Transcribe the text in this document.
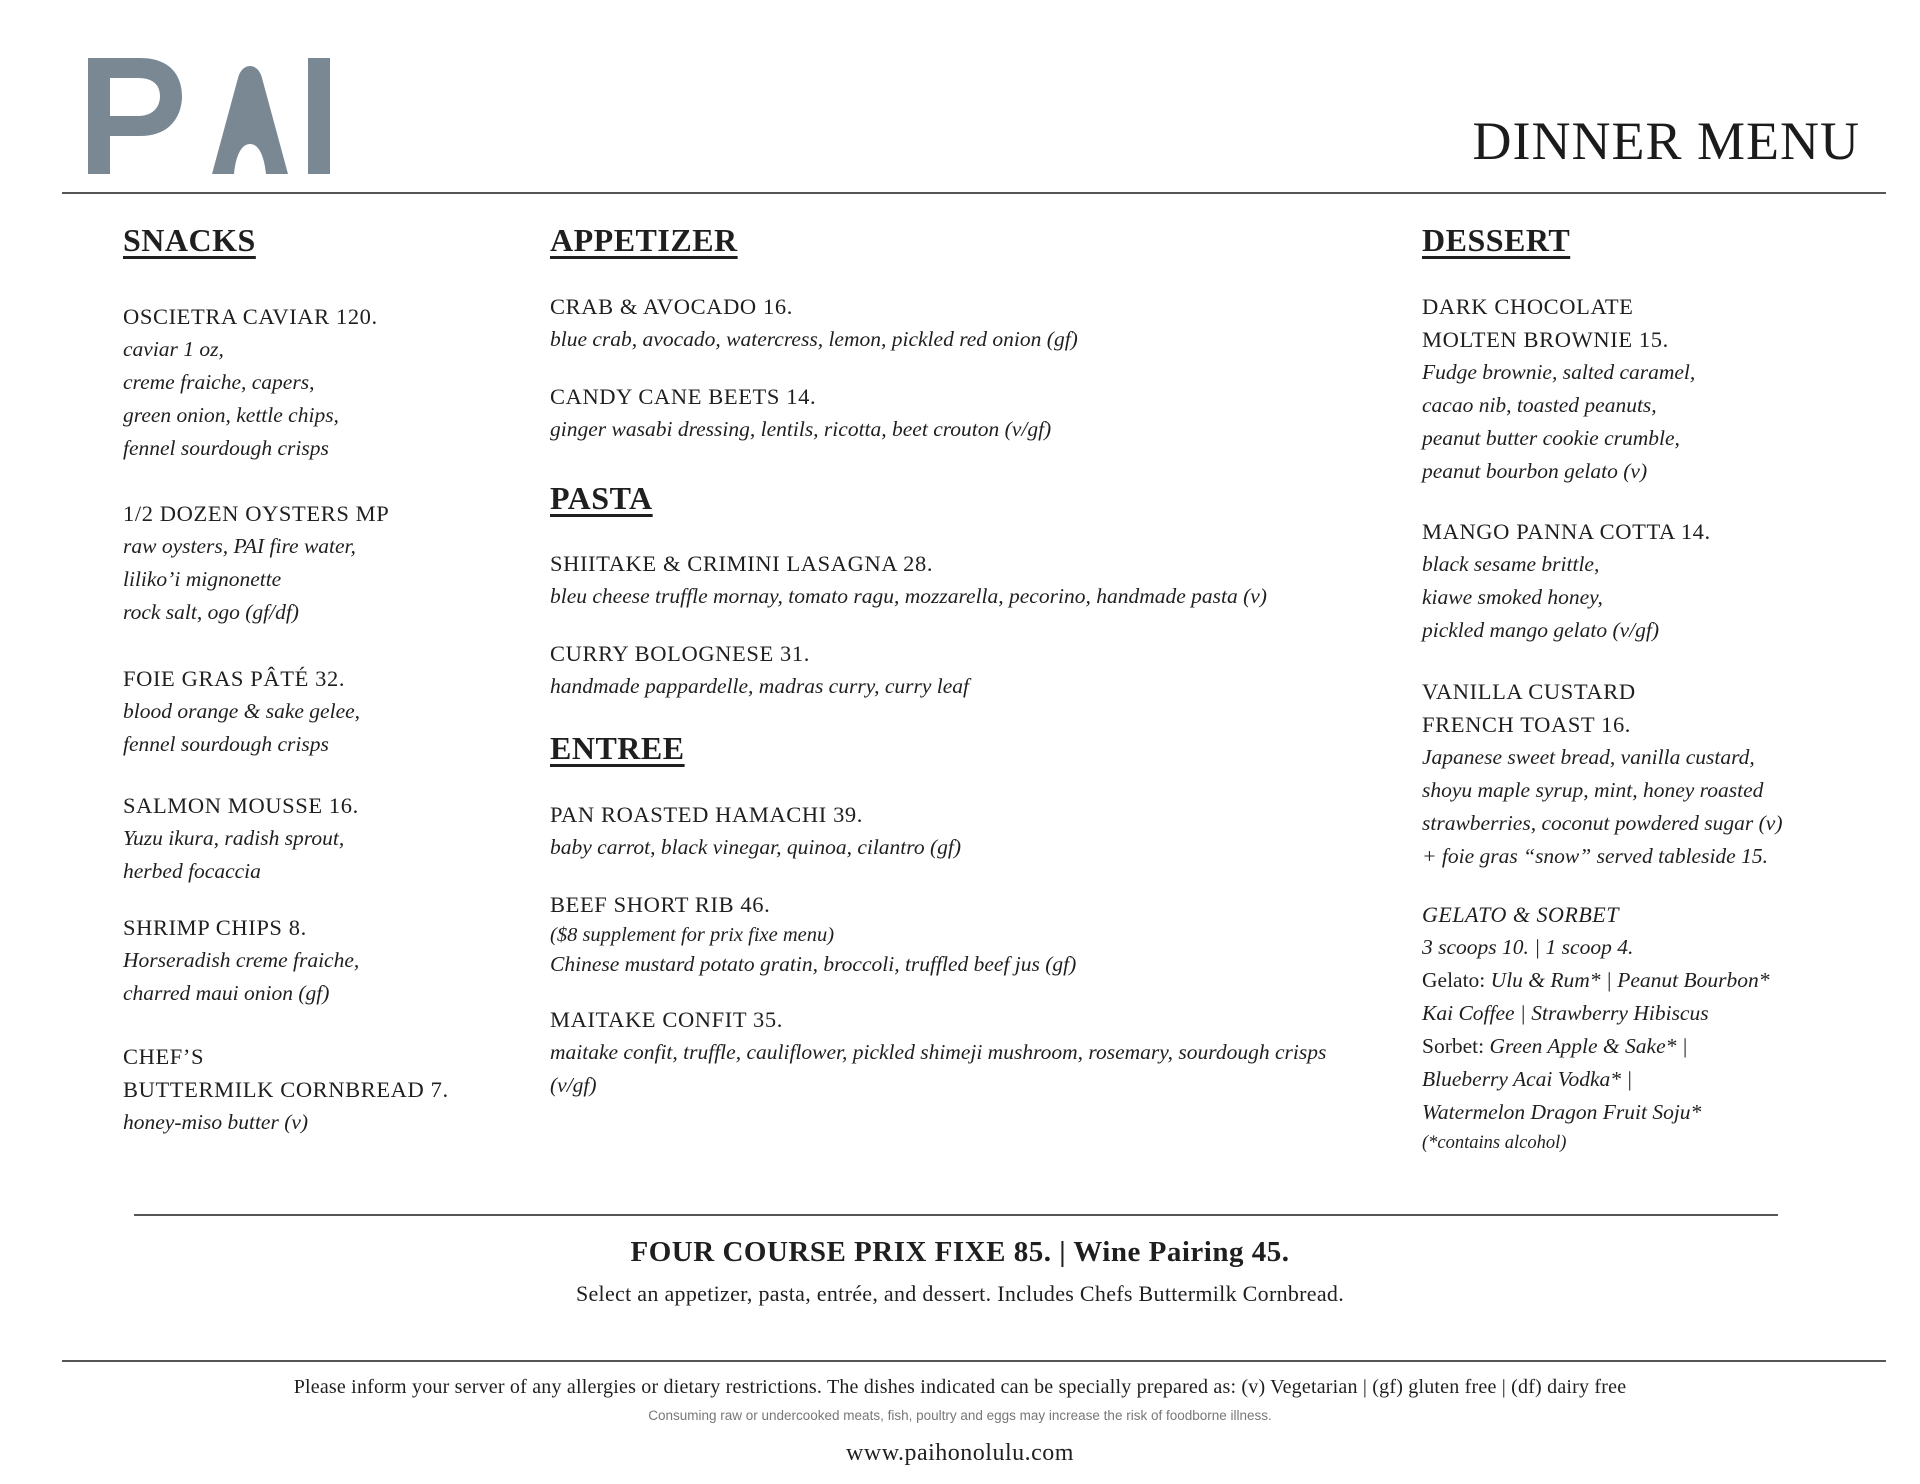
DINNER MENU
SNACKS
OSCIETRA CAVIAR 120.
caviar 1 oz,
creme fraiche, capers,
green onion, kettle chips,
fennel sourdough crisps
1/2 DOZEN OYSTERS MP
raw oysters, PAI fire water,
liliko’i mignonette
rock salt, ogo (gf/df)
FOIE GRAS PÂTÉ 32.
blood orange & sake gelee,
fennel sourdough crisps
SALMON MOUSSE 16.
Yuzu ikura, radish sprout,
herbed focaccia
SHRIMP CHIPS 8.
Horseradish creme fraiche,
charred maui onion (gf)
CHEF’S
BUTTERMILK CORNBREAD 7.
honey-miso butter (v)
APPETIZER
CRAB & AVOCADO 16.
blue crab, avocado, watercress, lemon, pickled red onion (gf)
CANDY CANE BEETS 14.
ginger wasabi dressing, lentils, ricotta, beet crouton (v/gf)
PASTA
SHIITAKE & CRIMINI LASAGNA 28.
bleu cheese truffle mornay, tomato ragu, mozzarella, pecorino, handmade pasta (v)
CURRY BOLOGNESE 31.
handmade pappardelle, madras curry, curry leaf
ENTREE
PAN ROASTED HAMACHI 39.
baby carrot, black vinegar, quinoa, cilantro (gf)
BEEF SHORT RIB 46.
($8 supplement for prix fixe menu)
Chinese mustard potato gratin, broccoli, truffled beef jus (gf)
MAITAKE CONFIT 35.
maitake confit, truffle, cauliflower, pickled shimeji mushroom, rosemary, sourdough crisps
(v/gf)
DESSERT
DARK CHOCOLATE
MOLTEN BROWNIE 15.
Fudge brownie, salted caramel,
cacao nib, toasted peanuts,
peanut butter cookie crumble,
peanut bourbon gelato (v)
MANGO PANNA COTTA 14.
black sesame brittle,
kiawe smoked honey,
pickled mango gelato (v/gf)
VANILLA CUSTARD
FRENCH TOAST 16.
Japanese sweet bread, vanilla custard,
shoyu maple syrup, mint, honey roasted
strawberries, coconut powdered sugar (v)
+ foie gras “snow” served tableside 15.
GELATO & SORBET
3 scoops 10. | 1 scoop 4.
Gelato: Ulu & Rum* | Peanut Bourbon*
Kai Coffee | Strawberry Hibiscus
Sorbet: Green Apple & Sake* |
Blueberry Acai Vodka* |
Watermelon Dragon Fruit Soju*
(*contains alcohol)
FOUR COURSE PRIX FIXE 85. | Wine Pairing 45.
Select an appetizer, pasta, entrée, and dessert. Includes Chefs Buttermilk Cornbread.
Please inform your server of any allergies or dietary restrictions. The dishes indicated can be specially prepared as: (v) Vegetarian | (gf) gluten free | (df) dairy free
Consuming raw or undercooked meats, fish, poultry and eggs may increase the risk of foodborne illness.
www.paihonolulu.com
